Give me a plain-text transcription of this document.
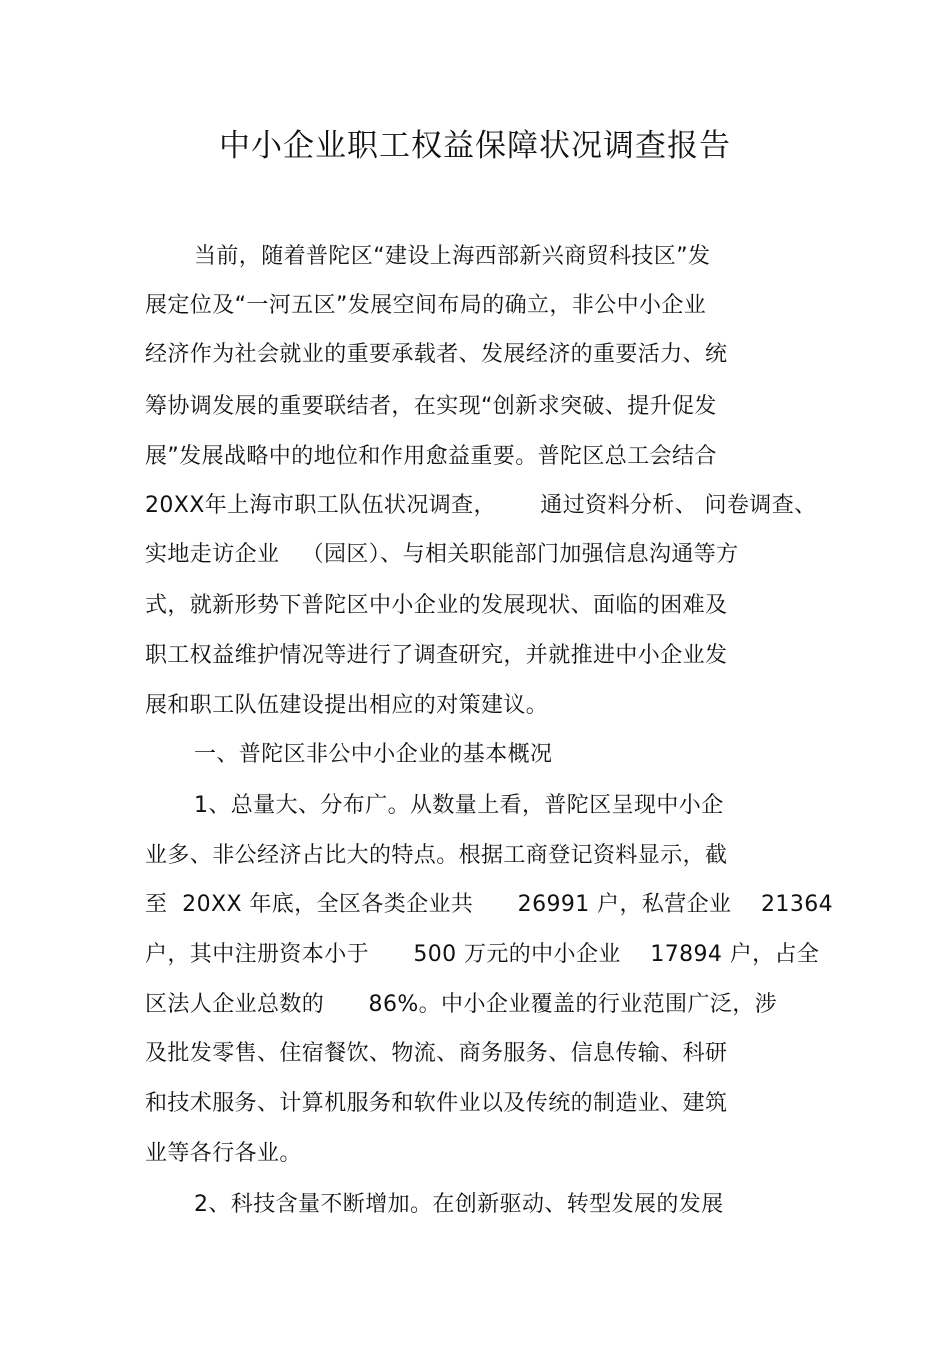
中小企业职工权益保障状况调查报告
当前，随着普陀区“建设上海西部新兴商贸科技区”发
展定位及“一河五区”发展空间布局的确立，非公中小企业
经济作为社会就业的重要承载者、发展经济的重要活力、统
筹协调发展的重要联结者，在实现“创新求突破、提升促发
展”发展战略中的地位和作用愈益重要。普陀区总工会结合
20XX年上海市职工队伍状况调查，      通过资料分析、 问卷调查、
实地走访企业   （园区）、与相关职能部门加强信息沟通等方
式，就新形势下普陀区中小企业的发展现状、面临的困难及
职工权益维护情况等进行了调查研究，并就推进中小企业发
展和职工队伍建设提出相应的对策建议。
一、普陀区非公中小企业的基本概况
1、总量大、分布广。从数量上看，普陀区呈现中小企
业多、非公经济占比大的特点。根据工商登记资料显示，截
至  20XX 年底，全区各类企业共      26991 户，私营企业    21364
户，其中注册资本小于      500 万元的中小企业    17894 户，占全
区法人企业总数的      86%。中小企业覆盖的行业范围广泛，涉
及批发零售、住宿餐饮、物流、商务服务、信息传输、科研
和技术服务、计算机服务和软件业以及传统的制造业、建筑
业等各行各业。
2、科技含量不断增加。在创新驱动、转型发展的发展
